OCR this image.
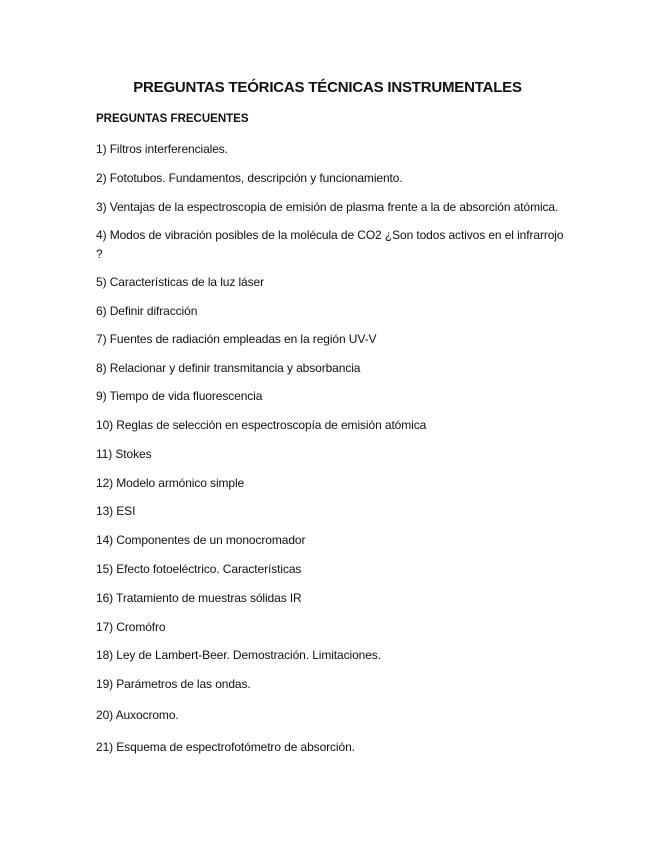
PREGUNTAS TEÓRICAS TÉCNICAS INSTRUMENTALES
PREGUNTAS FRECUENTES
1) Filtros interferenciales.
2) Fototubos. Fundamentos, descripción y funcionamiento.
3) Ventajas de la espectroscopia de emisión de plasma frente a la de absorción atómica.
4) Modos de vibración posibles de la molécula de CO2 ¿Son todos activos en el infrarrojo ?
5) Características de la luz láser
6) Definir difracción
7) Fuentes de radiación empleadas en la región UV-V
8) Relacionar y definir transmitancia y absorbancia
9) Tiempo de vida fluorescencia
10) Reglas de selección en espectroscopía de emisión atómica
11) Stokes
12) Modelo armónico simple
13) ESI
14) Componentes de un monocromador
15) Efecto fotoeléctrico. Características
16) Tratamiento de muestras sólidas IR
17) Cromófro
18) Ley de Lambert-Beer. Demostración. Limitaciones.
19) Parámetros de las ondas.
20) Auxocromo.
21) Esquema de espectrofotómetro de absorción.
